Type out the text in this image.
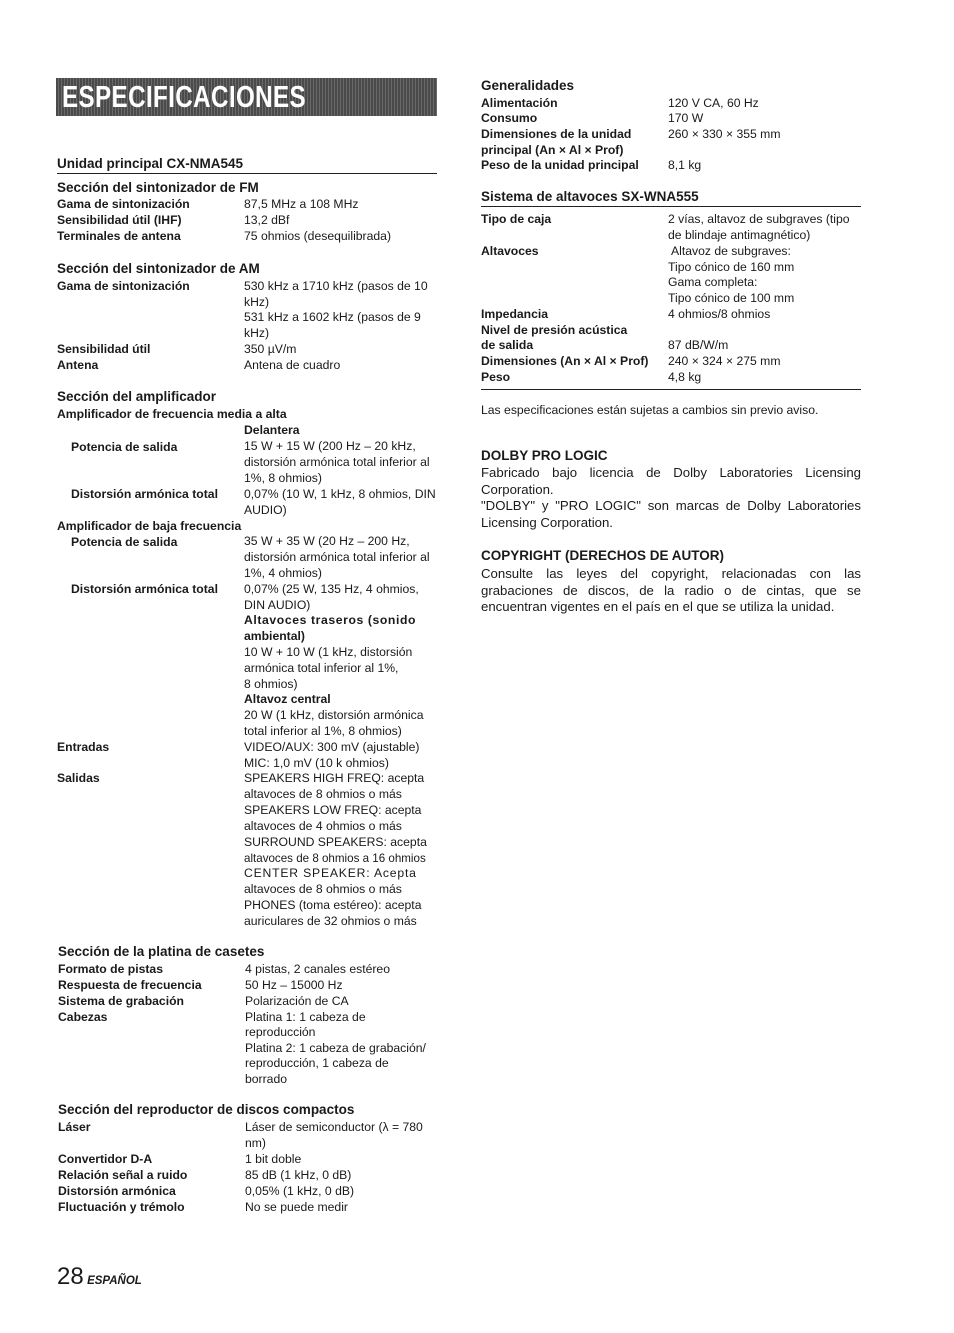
ESPECIFICACIONES
Unidad principal CX-NMA545
Sección del sintonizador de FM
Gama de sintonización	87,5 MHz a 108 MHz
Sensibilidad útil (IHF)	13,2 dBf
Terminales de antena	75 ohmios (desequilibrada)
Sección del sintonizador de AM
Gama de sintonización	530 kHz a 1710 kHz (pasos de 10
kHz)
531 kHz a 1602 kHz (pasos de 9
kHz)
Sensibilidad útil	350 µV/m
Antena	Antena de cuadro
Sección del amplificador
Amplificador de frecuencia media a alta
Delantera
Potencia de salida	15 W + 15 W (200 Hz – 20 kHz,
distorsión armónica total inferior al
1%, 8 ohmios)
Distorsión armónica total 0,07% (10 W, 1 kHz, 8 ohmios, DIN
AUDIO)
Amplificador de baja frecuencia
Potencia de salida	35 W + 35 W (20 Hz – 200 Hz,
distorsión armónica total inferior al
1%, 4 ohmios)
Distorsión armónica total 0,07% (25 W, 135 Hz, 4 ohmios,
DIN AUDIO)
Altavoces traseros (sonido
ambiental)
10 W + 10 W (1 kHz, distorsión
armónica total inferior al 1%,
8 ohmios)
Altavoz central
20 W (1 kHz, distorsión armónica
total inferior al 1%, 8 ohmios)
Entradas	VIDEO/AUX: 300 mV (ajustable)
MIC: 1,0 mV (10 k ohmios)
Salidas	SPEAKERS HIGH FREQ: acepta
altavoces de 8 ohmios o más
SPEAKERS LOW FREQ: acepta
altavoces de 4 ohmios o más
SURROUND SPEAKERS: acepta
altavoces de 8 ohmios a 16 ohmios
CENTER SPEAKER: Acepta
altavoces de 8 ohmios o más
PHONES (toma estéreo): acepta
auriculares de 32 ohmios o más
Sección de la platina de casetes
Formato de pistas	4 pistas, 2 canales estéreo
Respuesta de frecuencia	50 Hz – 15000 Hz
Sistema de grabación	Polarización de CA
Cabezas	Platina 1: 1 cabeza de
reproducción
Platina 2: 1 cabeza de grabación/
reproducción, 1 cabeza de
borrado
Sección del reproductor de discos compactos
Láser	Láser de semiconductor (λ = 780
nm)
Convertidor D-A	1 bit doble
Relación señal a ruido	85 dB (1 kHz, 0 dB)
Distorsión armónica	0,05% (1 kHz, 0 dB)
Fluctuación y trémolo	No se puede medir
Generalidades
Alimentación	120 V CA, 60 Hz
Consumo	170 W
Dimensiones de la unidad	260 × 330 × 355 mm
principal (An × Al × Prof)
Peso de la unidad principal 8,1 kg
Sistema de altavoces SX-WNA555
Tipo de caja	2 vías, altavoz de subgraves (tipo
de blindaje antimagnético)
Altavoces	Altavoz de subgraves:
Tipo cónico de 160 mm
Gama completa:
Tipo cónico de 100 mm
Impedancia	4 ohmios/8 ohmios
Nivel de presión acústica
de salida	87 dB/W/m
Dimensiones (An × Al × Prof) 240 × 324 × 275 mm
Peso	4,8 kg
Las especificaciones están sujetas a cambios sin previo aviso.
DOLBY PRO LOGIC
Fabricado bajo licencia de Dolby Laboratories Licensing Corporation.
"DOLBY" y "PRO LOGIC" son marcas de Dolby Laboratories Licensing Corporation.
COPYRIGHT (DERECHOS DE AUTOR)
Consulte las leyes del copyright, relacionadas con las grabaciones de discos, de la radio o de cintas, que se encuentran vigentes en el país en el que se utiliza la unidad.
28 ESPAÑOL
